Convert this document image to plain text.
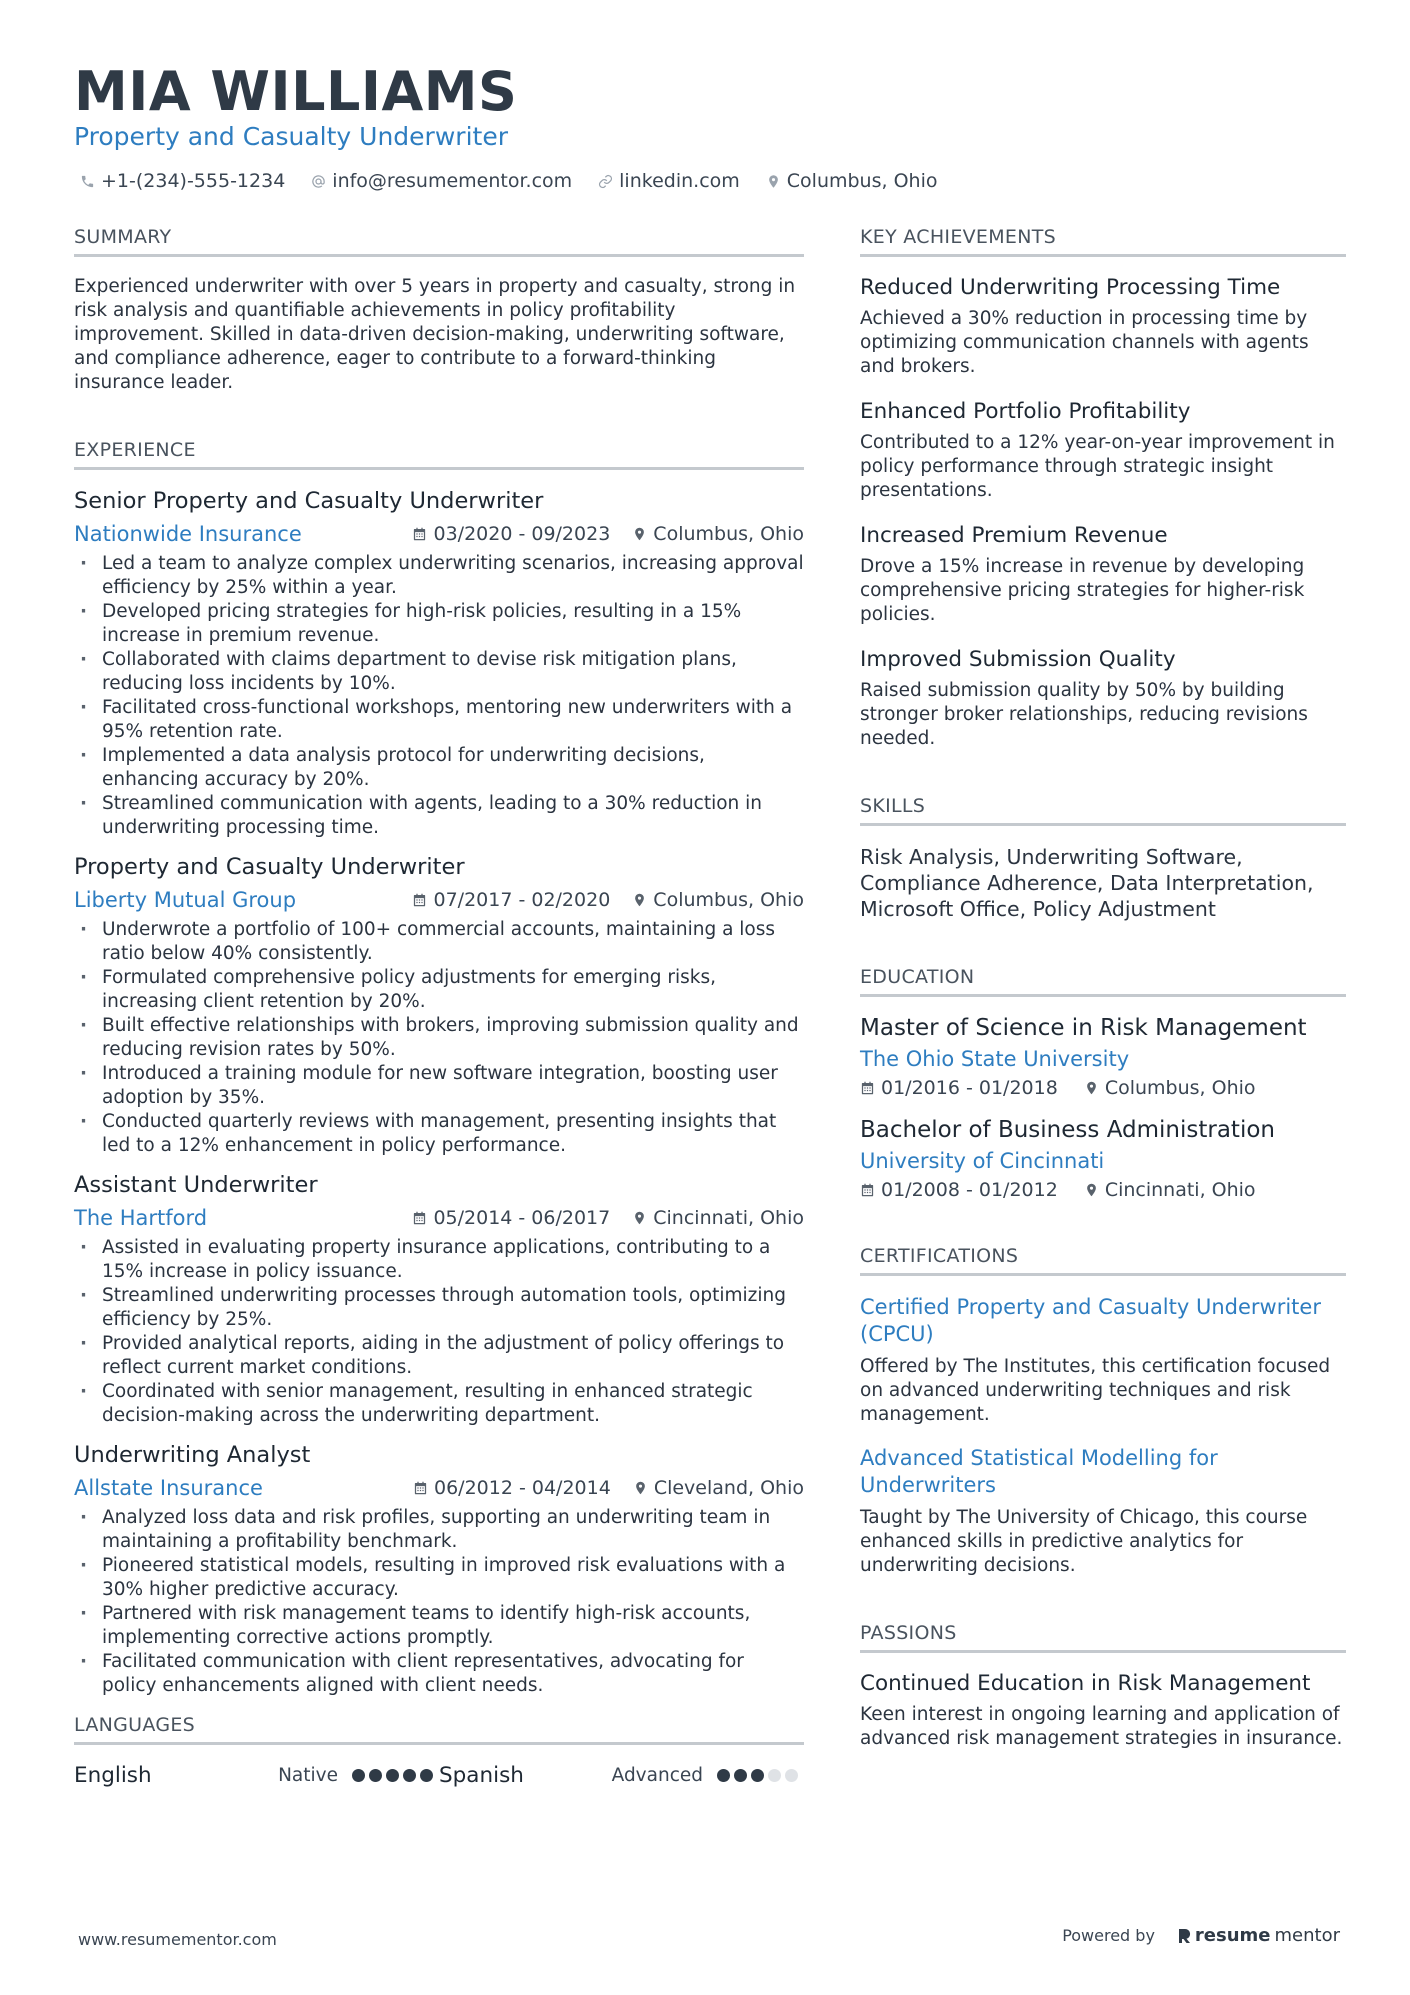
MIA WILLIAMS
Property and Casualty Underwriter
+1-(234)-555-1234 info@resumementor.com linkedin.com Columbus, Ohio
SUMMARY
Experienced underwriter with over 5 years in property and casualty, strong in risk analysis and quantifiable achievements in policy profitability improvement. Skilled in data-driven decision-making, underwriting software, and compliance adherence, eager to contribute to a forward-thinking insurance leader.
EXPERIENCE
Senior Property and Casualty Underwriter
Nationwide Insurance	03/2020 - 09/2023 Columbus, Ohio
· Led a team to analyze complex underwriting scenarios, increasing approval efficiency by 25% within a year.
· Developed pricing strategies for high-risk policies, resulting in a 15% increase in premium revenue.
· Collaborated with claims department to devise risk mitigation plans, reducing loss incidents by 10%.
· Facilitated cross-functional workshops, mentoring new underwriters with a 95% retention rate.
· Implemented a data analysis protocol for underwriting decisions, enhancing accuracy by 20%.
· Streamlined communication with agents, leading to a 30% reduction in underwriting processing time.
Property and Casualty Underwriter
Liberty Mutual Group	07/2017 - 02/2020 Columbus, Ohio
· Underwrote a portfolio of 100+ commercial accounts, maintaining a loss ratio below 40% consistently.
· Formulated comprehensive policy adjustments for emerging risks, increasing client retention by 20%.
· Built effective relationships with brokers, improving submission quality and reducing revision rates by 50%.
· Introduced a training module for new software integration, boosting user adoption by 35%.
· Conducted quarterly reviews with management, presenting insights that led to a 12% enhancement in policy performance.
Assistant Underwriter
The Hartford	05/2014 - 06/2017 Cincinnati, Ohio
· Assisted in evaluating property insurance applications, contributing to a 15% increase in policy issuance.
· Streamlined underwriting processes through automation tools, optimizing efficiency by 25%.
· Provided analytical reports, aiding in the adjustment of policy offerings to reflect current market conditions.
· Coordinated with senior management, resulting in enhanced strategic decision-making across the underwriting department.
Underwriting Analyst
Allstate Insurance	06/2012 - 04/2014 Cleveland, Ohio
· Analyzed loss data and risk profiles, supporting an underwriting team in maintaining a profitability benchmark.
· Pioneered statistical models, resulting in improved risk evaluations with a 30% higher predictive accuracy.
· Partnered with risk management teams to identify high-risk accounts, implementing corrective actions promptly.
· Facilitated communication with client representatives, advocating for policy enhancements aligned with client needs.
LANGUAGES
English	Native	Spanish	Advanced
KEY ACHIEVEMENTS
Reduced Underwriting Processing Time
Achieved a 30% reduction in processing time by optimizing communication channels with agents and brokers.
Enhanced Portfolio Profitability
Contributed to a 12% year-on-year improvement in policy performance through strategic insight presentations.
Increased Premium Revenue
Drove a 15% increase in revenue by developing comprehensive pricing strategies for higher-risk policies.
Improved Submission Quality
Raised submission quality by 50% by building stronger broker relationships, reducing revisions needed.
SKILLS
Risk Analysis, Underwriting Software, Compliance Adherence, Data Interpretation, Microsoft Office, Policy Adjustment
EDUCATION
Master of Science in Risk Management
The Ohio State University
01/2016 - 01/2018 Columbus, Ohio
Bachelor of Business Administration
University of Cincinnati
01/2008 - 01/2012 Cincinnati, Ohio
CERTIFICATIONS
Certified Property and Casualty Underwriter (CPCU)
Offered by The Institutes, this certification focused on advanced underwriting techniques and risk management.
Advanced Statistical Modelling for Underwriters
Taught by The University of Chicago, this course enhanced skills in predictive analytics for underwriting decisions.
PASSIONS
Continued Education in Risk Management
Keen interest in ongoing learning and application of advanced risk management strategies in insurance.
www.resumementor.com	Powered by resume mentor
